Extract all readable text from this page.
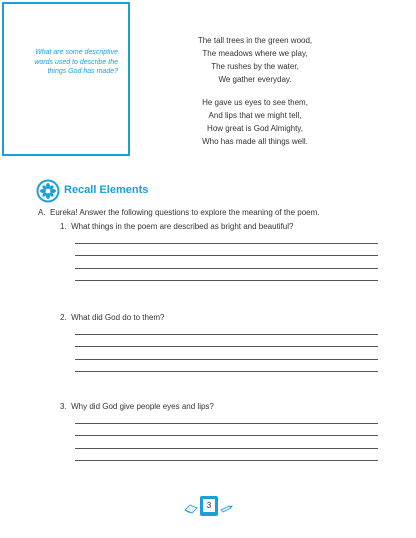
What are some descriptive words used to describe the things God has made?
The tall trees in the green wood,
The meadows where we play,
The rushes by the water,
We gather everyday.
He gave us eyes to see them,
And lips that we might tell,
How great is God Almighty,
Who has made all things well.
Recall Elements
A.  Eureka! Answer the following questions to explore the meaning of the poem.
1.  What things in the poem are described as bright and beautiful?
2.  What did God do to them?
3.  Why did God give people eyes and lips?
3
